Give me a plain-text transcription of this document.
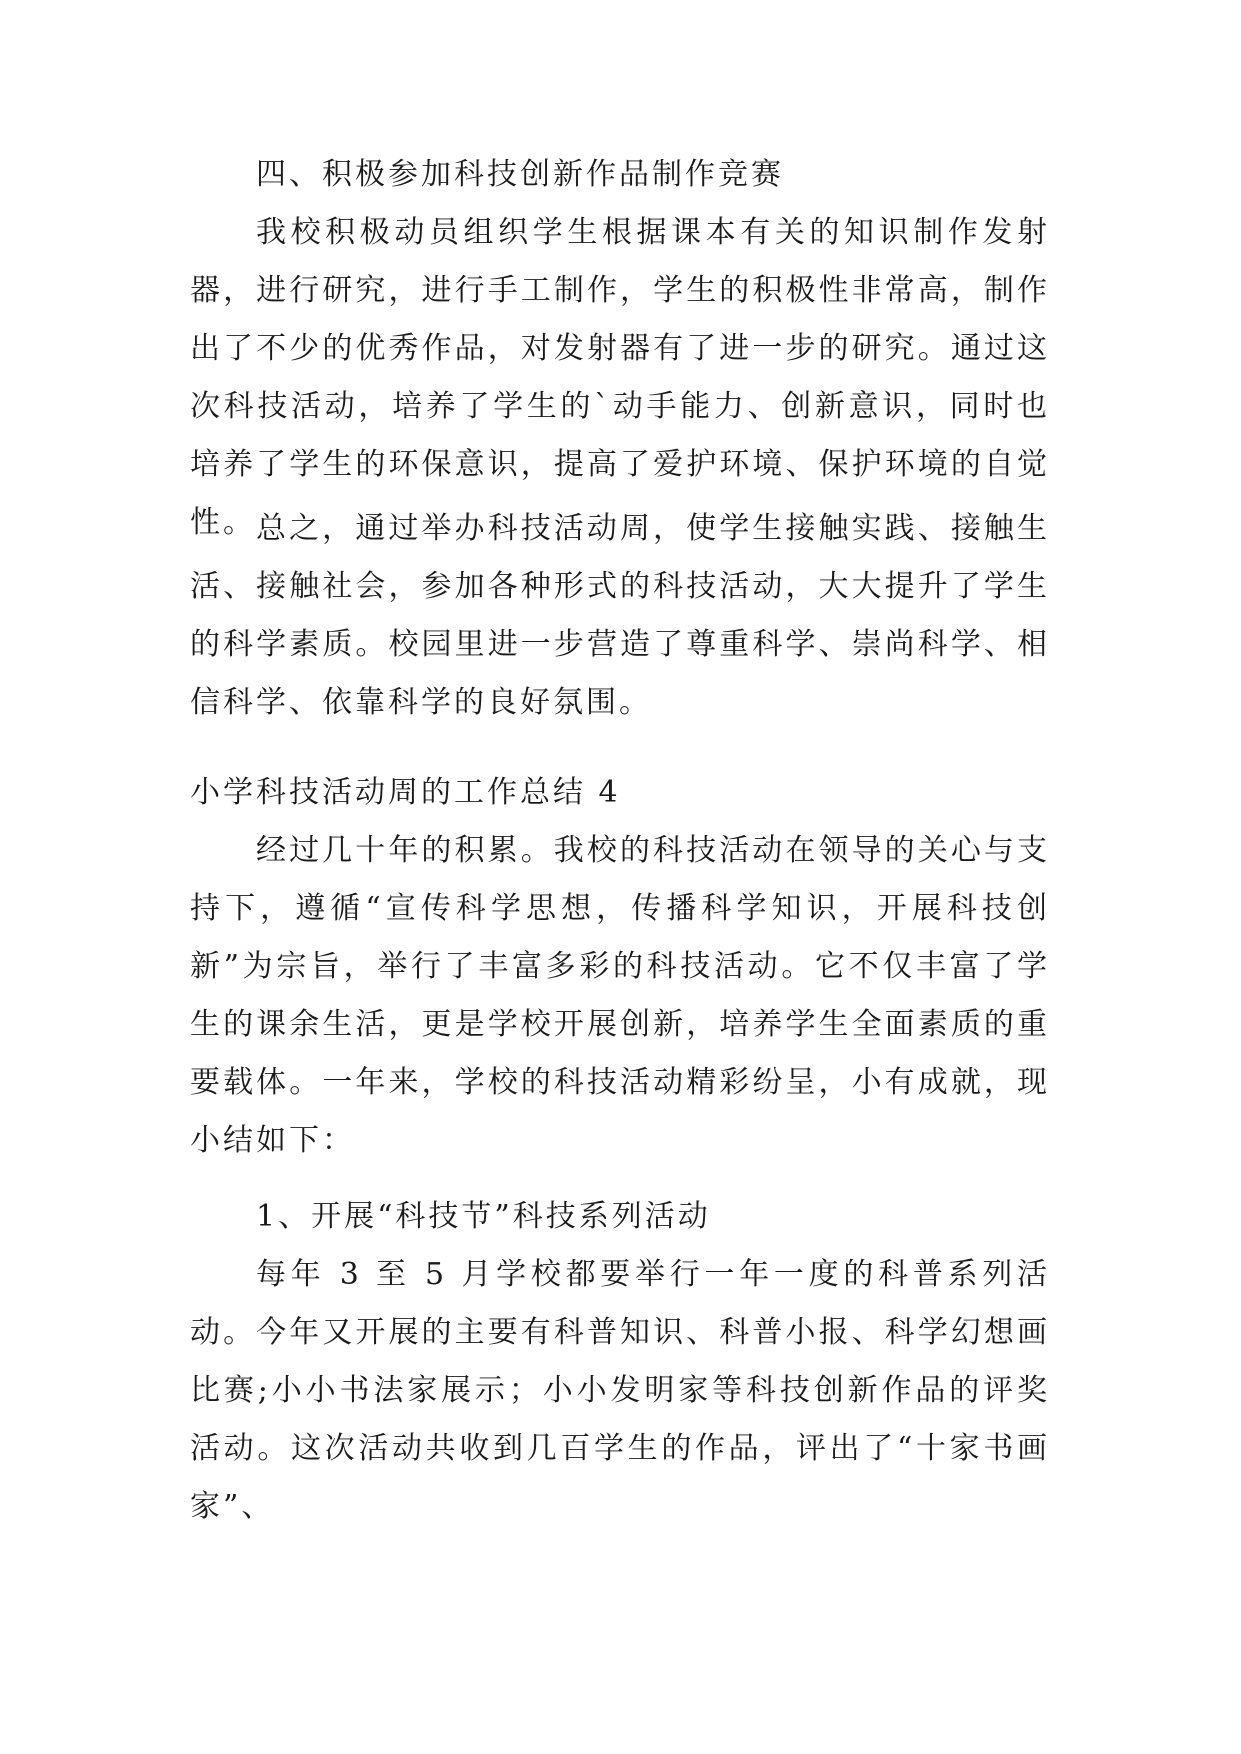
四、积极参加科技创新作品制作竞赛

我校积极动员组织学生根据课本有关的知识制作发射器，进行研究，进行手工制作，学生的积极性非常高，制作出了不少的优秀作品，对发射器有了进一步的研究。通过这次科技活动，培养了学生的`动手能力、创新意识，同时也培养了学生的环保意识，提高了爱护环境、保护环境的自觉性。 总之，通过举办科技活动周，使学生接触实践、接触生活、接触社会，参加各种形式的科技活动，大大提升了学生的科学素质。校园里进一步营造了尊重科学、崇尚科学、相信科学、依靠科学的良好氛围。

小学科技活动周的工作总结 4

经过几十年的积累。我校的科技活动在领导的关心与支持下，遵循“宣传科学思想，传播科学知识，开展科技创新”为宗旨，举行了丰富多彩的科技活动。它不仅丰富了学生的课余生活，更是学校开展创新，培养学生全面素质的重要载体。一年来，学校的科技活动精彩纷呈，小有成就，现小结如下：

1、开展“科技节”科技系列活动

每年 3 至 5 月学校都要举行一年一度的科普系列活动。今年又开展的主要有科普知识、科普小报、科学幻想画比赛;小小书法家展示；小小发明家等科技创新作品的评奖活动。这次活动共收到几百学生的作品，评出了“十家书画家”、
